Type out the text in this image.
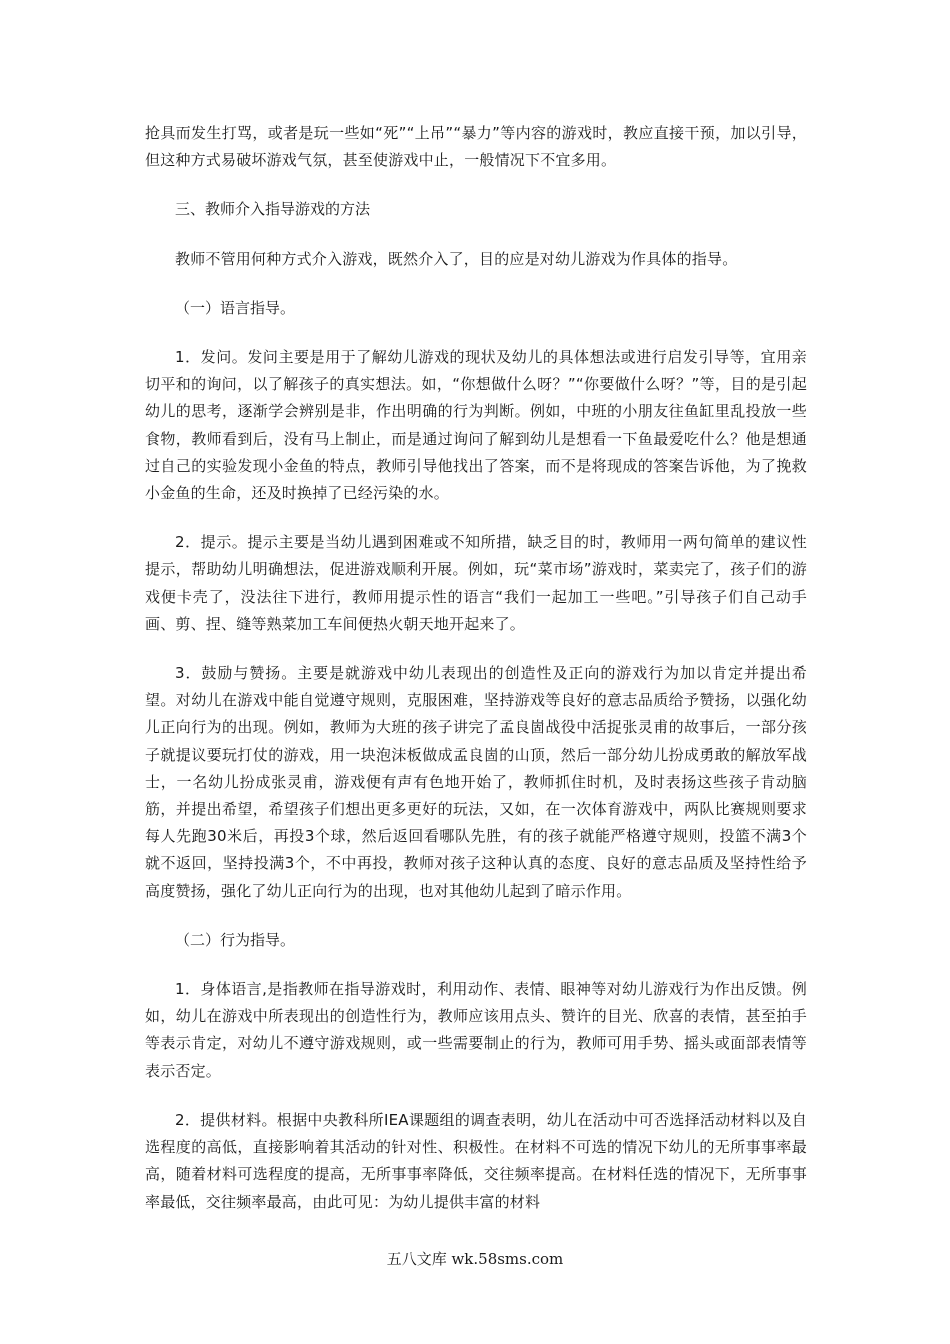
抢具而发生打骂，或者是玩一些如“死”“上吊”“暴力”等内容的游戏时，教应直接干预，加以引导，但这种方式易破坏游戏气氛，甚至使游戏中止，一般情况下不宜多用。

三、教师介入指导游戏的方法

教师不管用何种方式介入游戏，既然介入了，目的应是对幼儿游戏为作具体的指导。

（一）语言指导。

1．发问。发问主要是用于了解幼儿游戏的现状及幼儿的具体想法或进行启发引导等，宜用亲切平和的询问，以了解孩子的真实想法。如，“你想做什么呀？”“你要做什么呀？”等，目的是引起幼儿的思考，逐渐学会辨别是非，作出明确的行为判断。例如，中班的小朋友往鱼缸里乱投放一些食物，教师看到后，没有马上制止，而是通过询问了解到幼儿是想看一下鱼最爱吃什么？他是想通过自己的实验发现小金鱼的特点，教师引导他找出了答案，而不是将现成的答案告诉他，为了挽救小金鱼的生命，还及时换掉了已经污染的水。

2．提示。提示主要是当幼儿遇到困难或不知所措，缺乏目的时，教师用一两句简单的建议性提示，帮助幼儿明确想法，促进游戏顺利开展。例如，玩“菜市场”游戏时，菜卖完了，孩子们的游戏便卡壳了，没法往下进行，教师用提示性的语言“我们一起加工一些吧。”引导孩子们自己动手画、剪、捏、缝等熟菜加工车间便热火朝天地开起来了。

3．鼓励与赞扬。主要是就游戏中幼儿表现出的创造性及正向的游戏行为加以肯定并提出希望。对幼儿在游戏中能自觉遵守规则，克服困难，坚持游戏等良好的意志品质给予赞扬，以强化幼儿正向行为的出现。例如，教师为大班的孩子讲完了孟良崮战役中活捉张灵甫的故事后，一部分孩子就提议要玩打仗的游戏，用一块泡沫板做成孟良崮的山顶，然后一部分幼儿扮成勇敢的解放军战士，一名幼儿扮成张灵甫，游戏便有声有色地开始了，教师抓住时机，及时表扬这些孩子肯动脑筋，并提出希望，希望孩子们想出更多更好的玩法，又如，在一次体育游戏中，两队比赛规则要求每人先跑30米后，再投3个球，然后返回看哪队先胜，有的孩子就能严格遵守规则，投篮不满3个就不返回，坚持投满3个，不中再投，教师对孩子这种认真的态度、良好的意志品质及坚持性给予高度赞扬，强化了幼儿正向行为的出现，也对其他幼儿起到了暗示作用。

（二）行为指导。

1．身体语言,是指教师在指导游戏时，利用动作、表情、眼神等对幼儿游戏行为作出反馈。例如，幼儿在游戏中所表现出的创造性行为，教师应该用点头、赞许的目光、欣喜的表情，甚至拍手等表示肯定，对幼儿不遵守游戏规则，或一些需要制止的行为，教师可用手势、摇头或面部表情等表示否定。

2．提供材料。根据中央教科所IEA课题组的调查表明，幼儿在活动中可否选择活动材料以及自选程度的高低，直接影响着其活动的针对性、积极性。在材料不可选的情况下幼儿的无所事事率最高，随着材料可选程度的提高，无所事事率降低，交往频率提高。在材料任选的情况下，无所事事率最低，交往频率最高，由此可见：为幼儿提供丰富的材料

五八文库 wk.58sms.com
